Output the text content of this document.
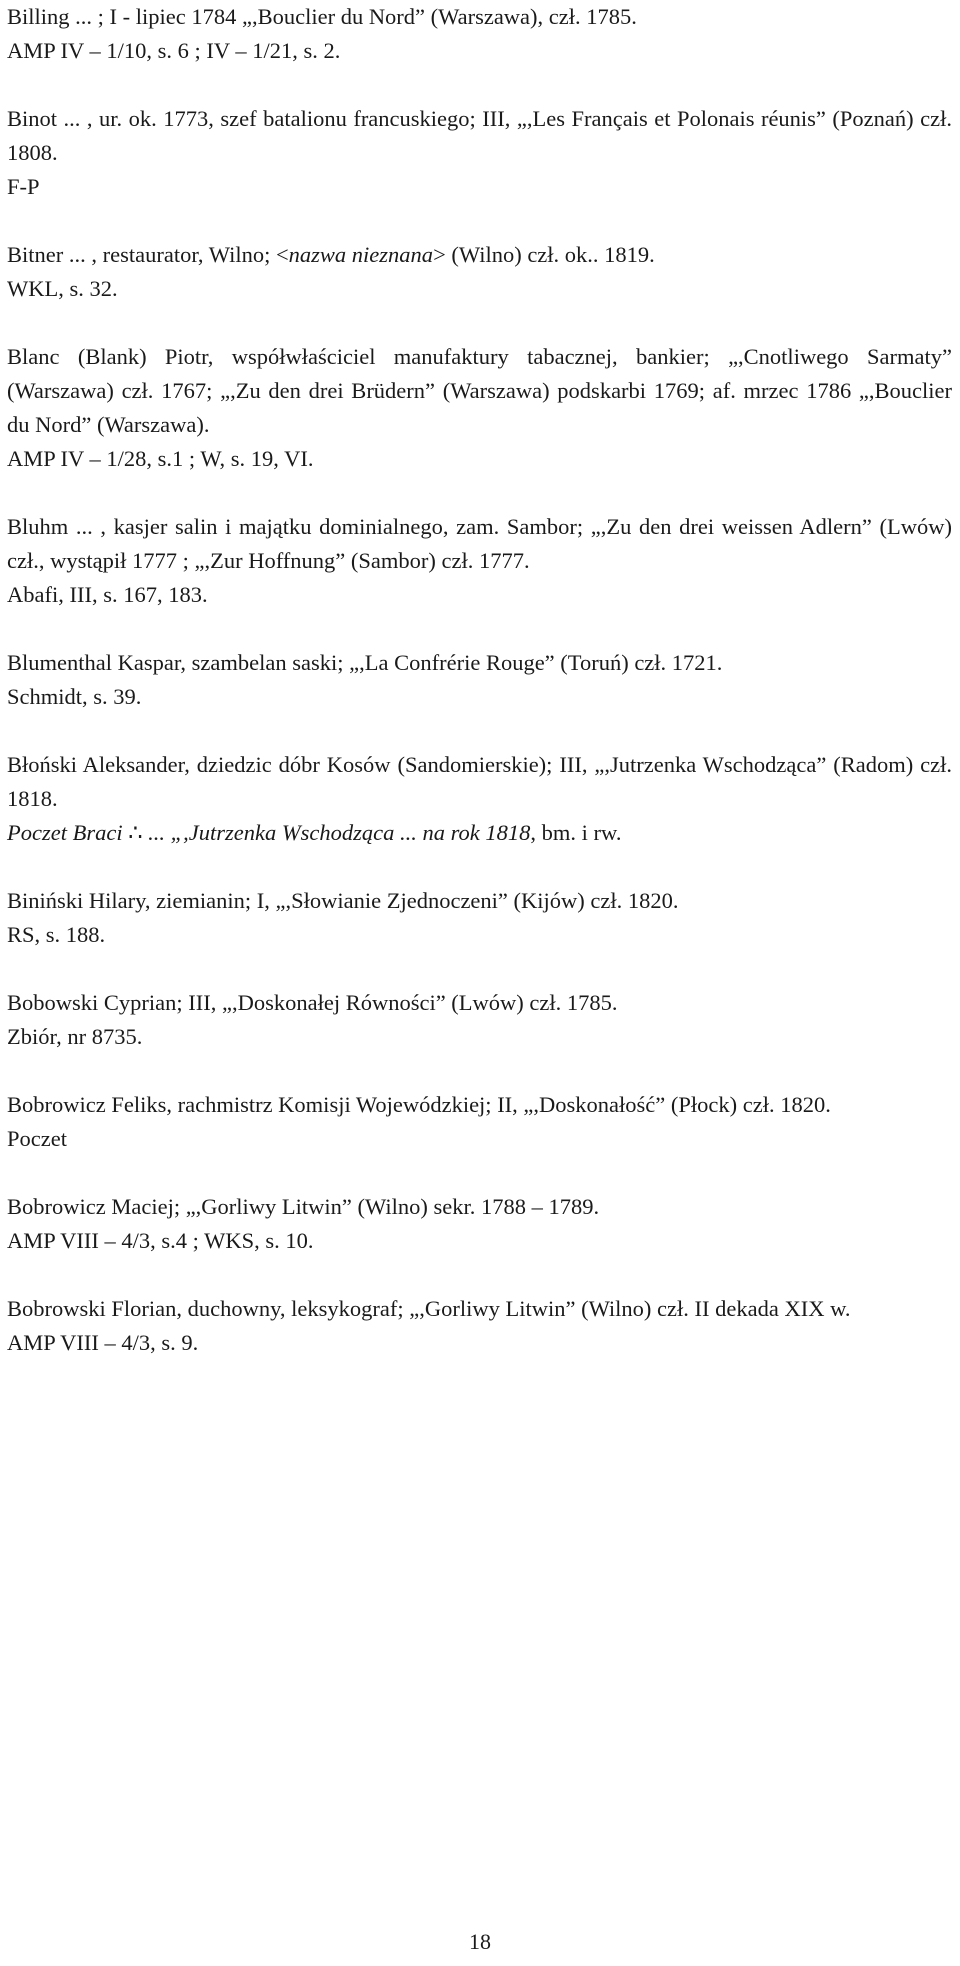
Billing ... ; I - lipiec 1784 „,Bouclier du Nord” (Warszawa), czł. 1785.

AMP IV – 1/10, s. 6 ; IV – 1/21, s. 2.

Binot ... , ur. ok. 1773, szef batalionu francuskiego; III, „,Les Français et Polonais réunis” (Poznań) czł. 1808.

F-P

Bitner ... , restaurator, Wilno; <nazwa nieznana> (Wilno) czł. ok.. 1819.

WKL, s. 32.

Blanc (Blank) Piotr, współwłaściciel manufaktury tabacznej, bankier; „,Cnotliwego Sarmaty” (Warszawa) czł. 1767; „,Zu den drei Brüdern” (Warszawa) podskarbi 1769; af. mrzec 1786 „,Bouclier du Nord” (Warszawa).

AMP IV – 1/28, s.1 ; W, s. 19, VI.

Bluhm ... , kasjer salin i majątku dominialnego, zam. Sambor; „,Zu den drei weissen Adlern” (Lwów) czł., wystąpił 1777 ; „,Zur Hoffnung” (Sambor) czł. 1777.

Abafi, III, s. 167, 183.

Blumenthal Kaspar, szambelan saski; „,La Confrérie Rouge” (Toruń) czł. 1721.

Schmidt, s. 39.

Błoński Aleksander, dziedzic dóbr Kosów (Sandomierskie); III, „,Jutrzenka Wschodząca” (Radom) czł. 1818.

Poczet Braci ∴ ... „,Jutrzenka Wschodząca ... na rok 1818, bm. i rw.

Biniński Hilary, ziemianin; I, „,Słowianie Zjednoczeni” (Kijów) czł. 1820.

RS, s. 188.

Bobowski Cyprian; III, „,Doskonałej Równości” (Lwów) czł. 1785.

Zbiór, nr 8735.

Bobrowicz Feliks, rachmistrz Komisji Wojewódzkiej; II, „,Doskonałość” (Płock) czł. 1820.

Poczet

Bobrowicz Maciej; „,Gorliwy Litwin” (Wilno) sekr. 1788 – 1789.

AMP VIII – 4/3, s.4 ; WKS, s. 10.

Bobrowski Florian, duchowny, leksykograf; „,Gorliwy Litwin” (Wilno) czł. II dekada XIX w.

AMP VIII – 4/3, s. 9.

18
